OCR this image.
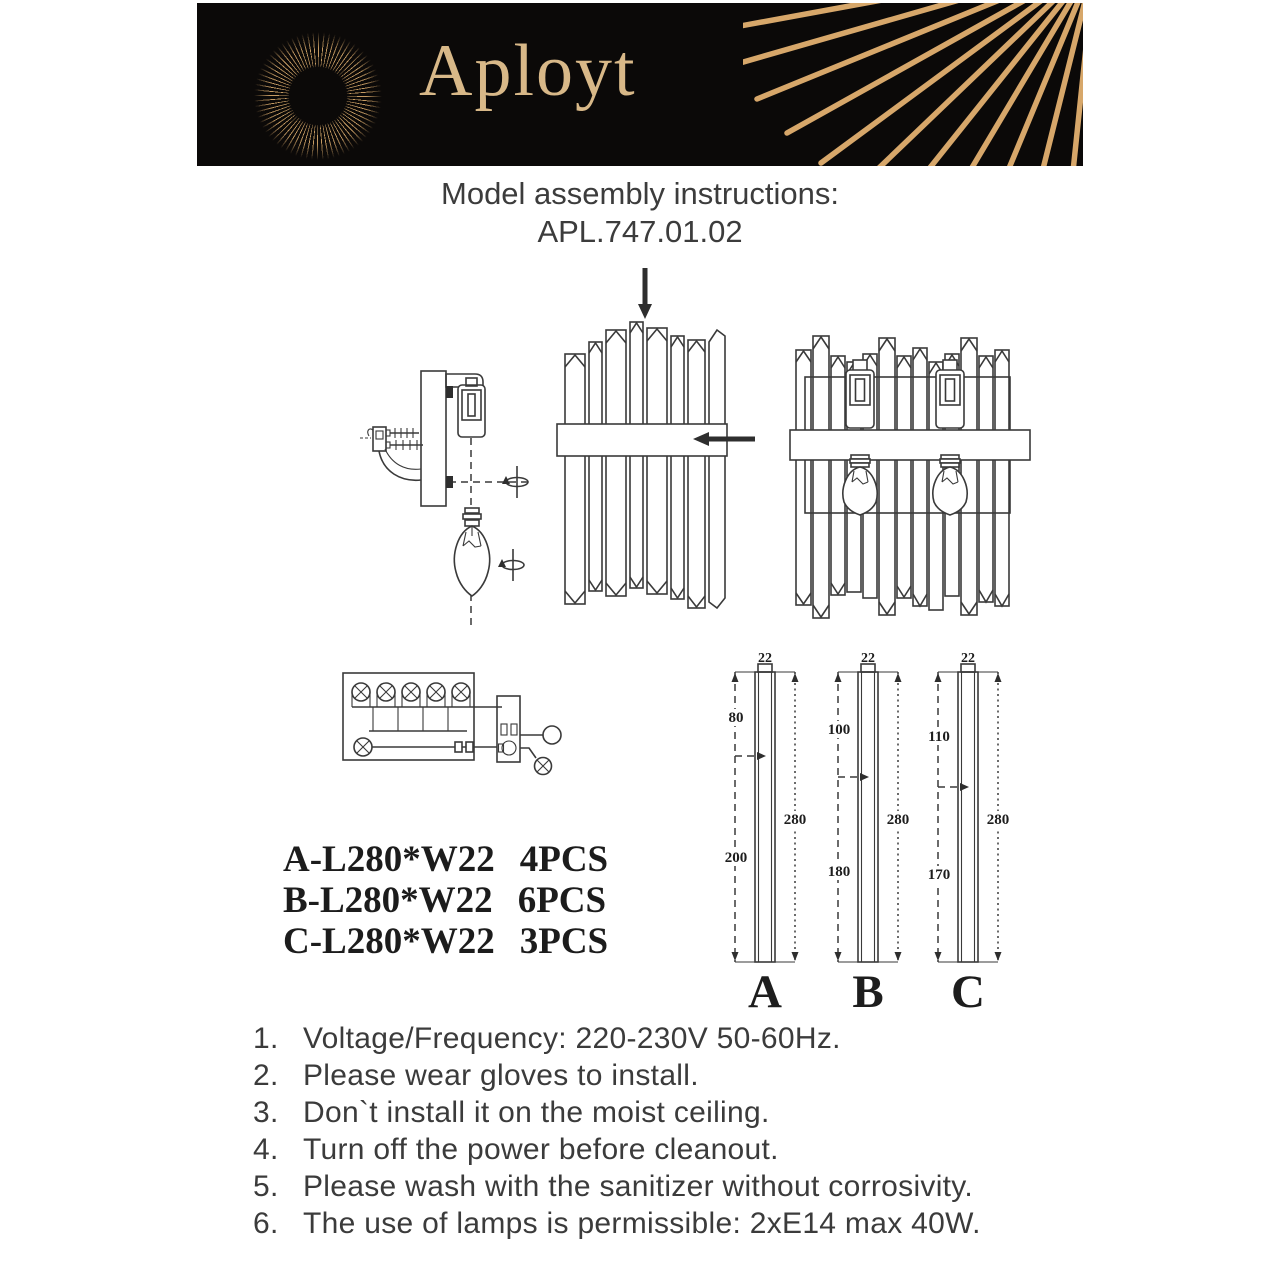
Aployt
Model assembly instructions:
APL.747.01.02
A-L280*W22 4PCS
B-L280*W22 6PCS
C-L280*W22 3PCS
80
200
280
22
A
100
180
280
22
B
110
170
280
22
C
1. Voltage/Frequency: 220-230V 50-60Hz.
2. Please wear gloves to install.
3. Don`t install it on the moist ceiling.
4. Turn off the power before cleanout.
5. Please wash with the sanitizer without corrosivity.
6. The use of lamps is permissible: 2xE14 max 40W.
